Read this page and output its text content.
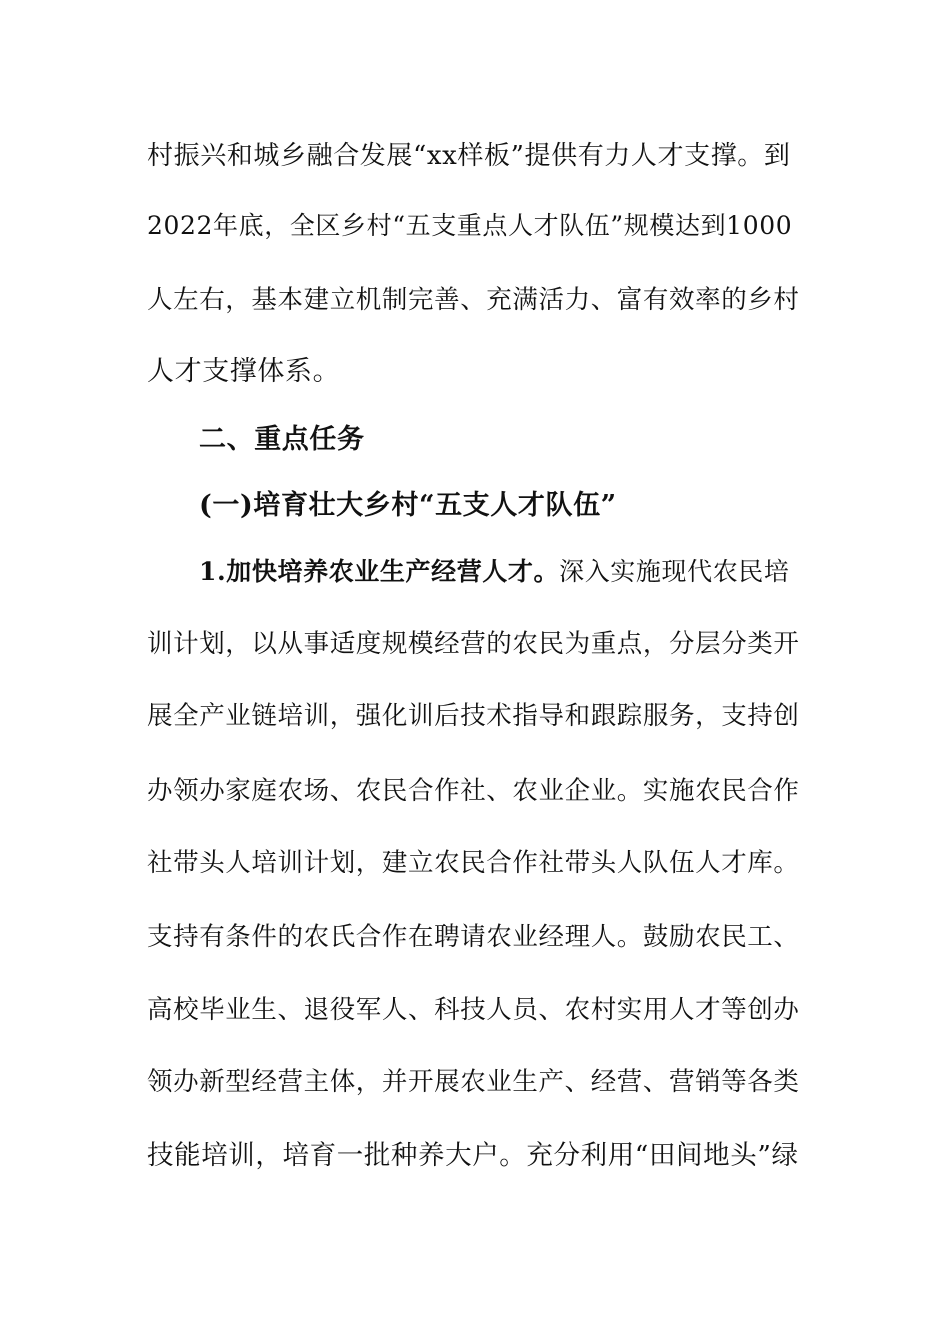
村振兴和城乡融合发展“xx样板”提供有力人才支撑。到
2022年底，全区乡村“五支重点人才队伍”规模达到1000
人左右，基本建立机制完善、充满活力、富有效率的乡村
人才支撑体系。
二、重点任务
(一)培育壮大乡村“五支人才队伍”
1.加快培养农业生产经营人才。深入实施现代农民培
训计划，以从事适度规模经营的农民为重点，分层分类开
展全产业链培训，强化训后技术指导和跟踪服务，支持创
办领办家庭农场、农民合作社、农业企业。实施农民合作
社带头人培训计划，建立农民合作社带头人队伍人才库。
支持有条件的农氏合作在聘请农业经理人。鼓励农民工、
高校毕业生、退役军人、科技人员、农村实用人才等创办
领办新型经营主体，并开展农业生产、经营、营销等各类
技能培训，培育一批种养大户。充分利用“田间地头”绿
